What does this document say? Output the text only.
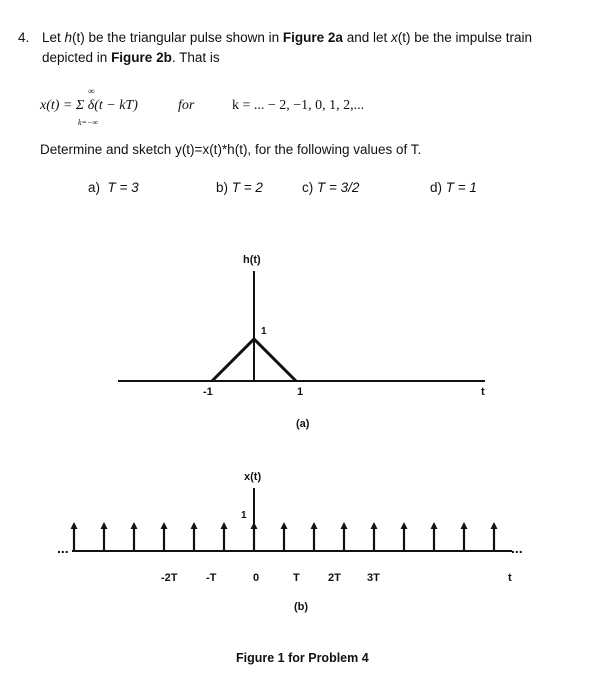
4. Let h(t) be the triangular pulse shown in Figure 2a and let x(t) be the impulse train
depicted in Figure 2b. That is
∞
x(t) = Σ δ(t − kT)
k=−∞
for	k = ... − 2, −1, 0, 1, 2,...
Determine and sketch y(t)=x(t)*h(t), for the following values of T.
a) T = 3	b) T = 2	c) T = 3/2	d) T = 1
h(t)
1
-1	1	t
(a)
x(t)
1
...	...
-2T	-T	0	T	2T 3T	t
(b)
Figure 1 for Problem 4
